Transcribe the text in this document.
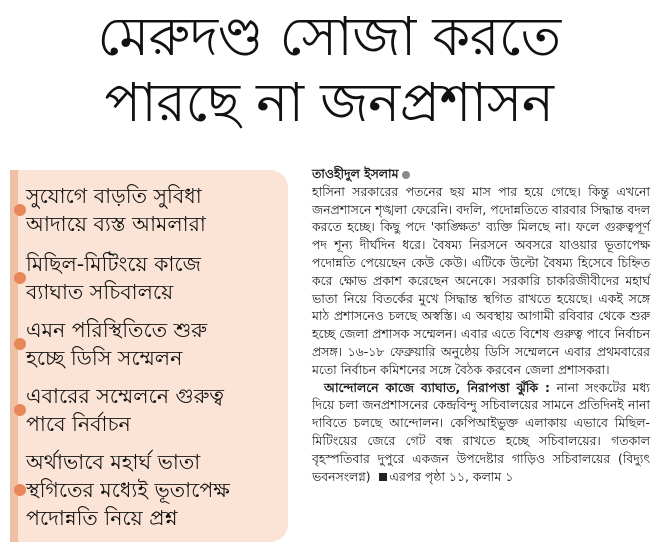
মেরুদণ্ড সোজা করতে
পারছে না জনপ্রশাসন
সুযোগে বাড়তি সুবিধা
আদায়ে ব্যস্ত আমলারা
মিছিল-মিটিংয়ে কাজে
ব্যাঘাত সচিবালয়ে
এমন পরিস্থিতিতে শুরু
হচ্ছে ডিসি সম্মেলন
এবারের সম্মেলনে গুরুত্ব
পাবে নির্বাচন
অর্থাভাবে মহার্ঘ ভাতা
স্থগিতের মধ্যেই ভূতাপেক্ষ
পদোন্নতি নিয়ে প্রশ্ন
তাওহীদুল ইসলাম

হাসিনা সরকারের পতনের ছয় মাস পার হয়ে গেছে। কিন্তু এখনো জনপ্রশাসনে শৃঙ্খলা ফেরেনি। বদলি, পদোন্নতিতে বারবার সিদ্ধান্ত বদল করতে হচ্ছে। কিছু পদে 'কাঙ্ক্ষিত' ব্যক্তি মিলছে না। ফলে গুরুত্বপূর্ণ পদ শূন্য দীর্ঘদিন ধরে। বৈষম্য নিরসনে অবসরে যাওয়ার ভূতাপেক্ষ পদোন্নতি পেয়েছেন কেউ কেউ। এটিকে উল্টো বৈষম্য হিসেবে চিহ্নিত করে ক্ষোভ প্রকাশ করেছেন অনেকে। সরকারি চাকরিজীবীদের মহার্ঘ ভাতা নিয়ে বিতর্কের মুখে সিদ্ধান্ত স্থগিত রাখতে হয়েছে। একই সঙ্গে মাঠ প্রশাসনেও চলছে অস্বস্তি। এ অবস্থায় আগামী রবিবার থেকে শুরু হচ্ছে জেলা প্রশাসক সম্মেলন। এবার এতে বিশেষ গুরুত্ব পাবে নির্বাচন প্রসঙ্গ। ১৬-১৮ ফেব্রুয়ারি অনুষ্ঠেয় ডিসি সম্মেলনে এবার প্রথমবারের মতো নির্বাচন কমিশনের সঙ্গে বৈঠক করবেন জেলা প্রশাসকরা।

আন্দোলনে কাজে ব্যাঘাত, নিরাপত্তা ঝুঁকি : নানা সংকটের মধ্য দিয়ে চলা জনপ্রশাসনের কেন্দ্রবিন্দু সচিবালয়ের সামনে প্রতিদিনই নানা দাবিতে চলছে আন্দোলন। কেপিআইভুক্ত এলাকায় এভাবে মিছিল-মিটিংয়ের জেরে গেট বন্ধ রাখতে হচ্ছে সচিবালয়ের। গতকাল বৃহস্পতিবার দুপুরে একজন উপদেষ্টার গাড়িও সচিবালয়ের (বিদ্যুৎ ভবনসংলগ্ন) এরপর পৃষ্ঠা ১১, কলাম ১
